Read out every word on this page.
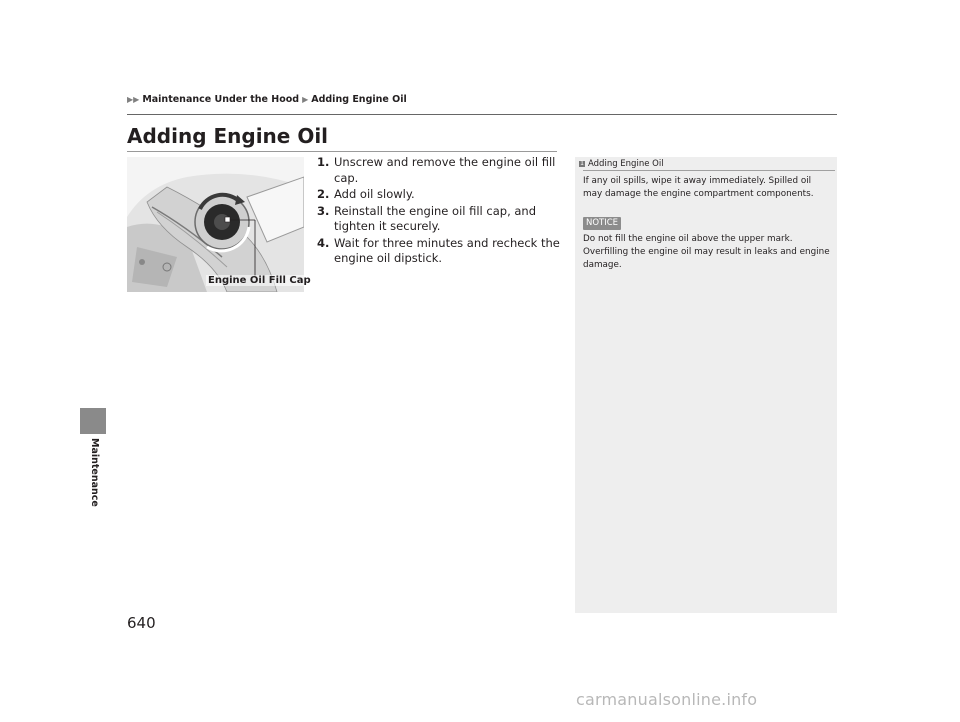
▶▶ Maintenance Under the Hood ▶ Adding Engine Oil
Maintenance
Adding Engine Oil
Engine Oil Fill Cap
1. Unscrew and remove the engine oil fill cap.
2. Add oil slowly.
3. Reinstall the engine oil fill cap, and tighten it securely.
4. Wait for three minutes and recheck the engine oil dipstick.
1 Adding Engine Oil
If any oil spills, wipe it away immediately. Spilled oil may damage the engine compartment components.
NOTICE
Do not fill the engine oil above the upper mark. Overfilling the engine oil may result in leaks and engine damage.
640
carmanualsonline.info
